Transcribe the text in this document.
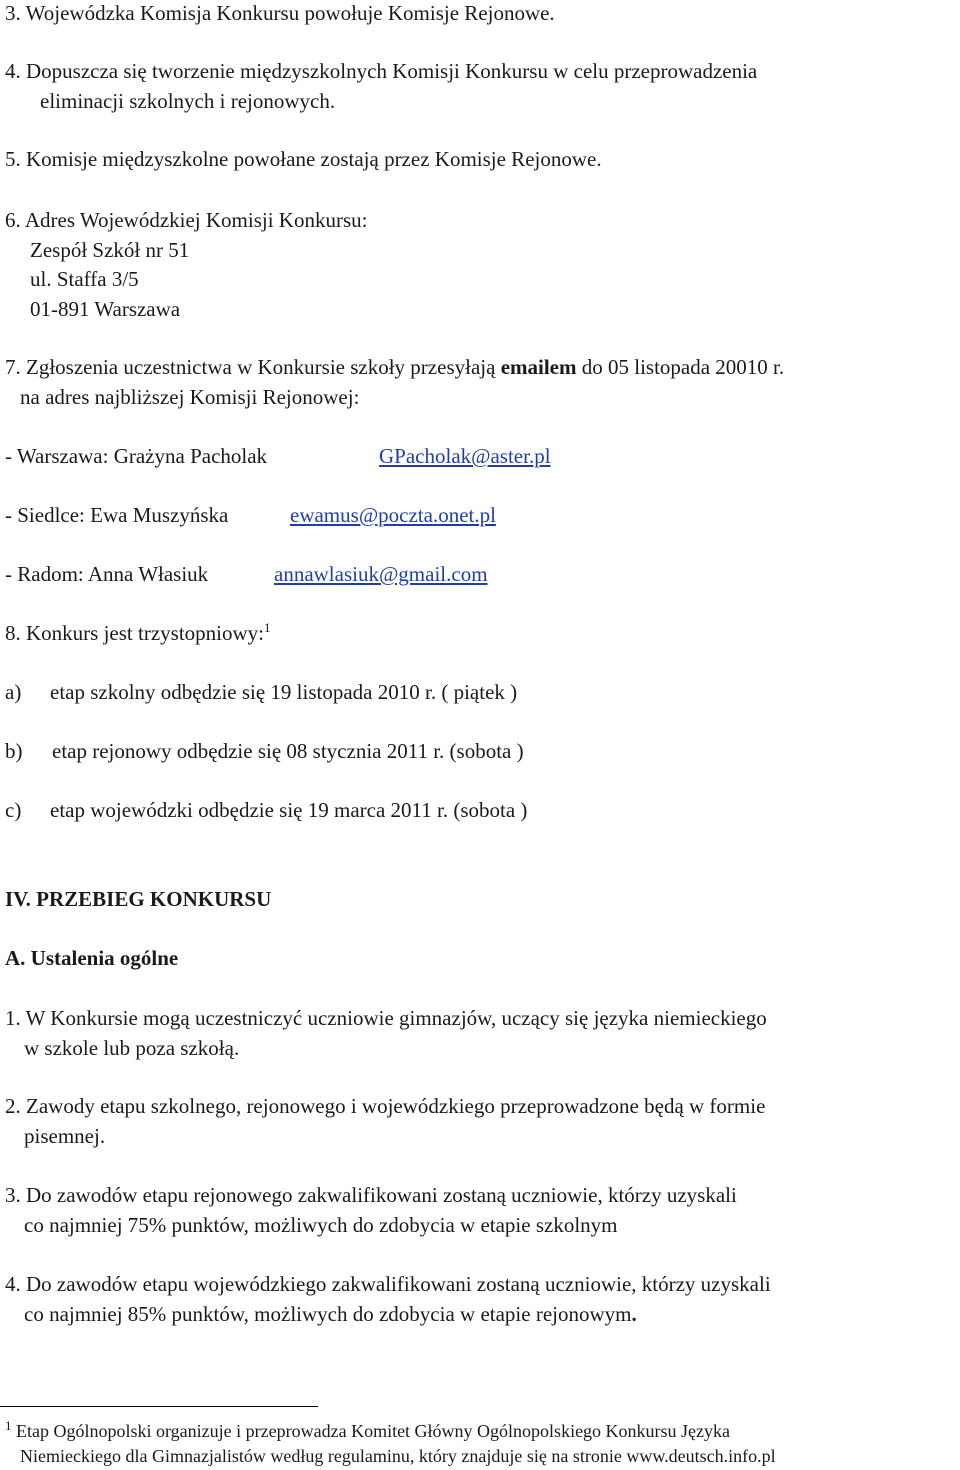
3. Wojewódzka Komisja Konkursu powołuje Komisje Rejonowe.
4. Dopuszcza się tworzenie międzyszkolnych Komisji Konkursu w celu przeprowadzenia
eliminacji szkolnych i rejonowych.
5. Komisje międzyszkolne powołane zostają przez Komisje Rejonowe.
6. Adres Wojewódzkiej Komisji Konkursu:
Zespół Szkół nr 51
ul. Staffa 3/5
01-891 Warszawa
7. Zgłoszenia uczestnictwa w Konkursie szkoły przesyłają emailem do 05 listopada 20010 r.
na adres najbliższej Komisji Rejonowej:
- Warszawa: Grażyna Pacholak	GPacholak@aster.pl
- Siedlce: Ewa Muszyńska	ewamus@poczta.onet.pl
- Radom: Anna Własiuk	annawlasiuk@gmail.com
8. Konkurs jest trzystopniowy:$^1$
a) etap szkolny odbędzie się 19 listopada 2010 r. ( piątek )
b) etap rejonowy odbędzie się 08 stycznia 2011 r. (sobota )
c) etap wojewódzki odbędzie się 19 marca 2011 r. (sobota )
IV. PRZEBIEG KONKURSU
A. Ustalenia ogólne
1. W Konkursie mogą uczestniczyć uczniowie gimnazjów, uczący się języka niemieckiego
w szkole lub poza szkołą.
2. Zawody etapu szkolnego, rejonowego i wojewódzkiego przeprowadzone będą w formie
pisemnej.
3. Do zawodów etapu rejonowego zakwalifikowani zostaną uczniowie, którzy uzyskali
co najmniej 75% punktów, możliwych do zdobycia w etapie szkolnym
4. Do zawodów etapu wojewódzkiego zakwalifikowani zostaną uczniowie, którzy uzyskali
co najmniej 85% punktów, możliwych do zdobycia w etapie rejonowym.
$^1$ Etap Ogólnopolski organizuje i przeprowadza Komitet Główny Ogólnopolskiego Konkursu Języka
Niemieckiego dla Gimnazjalistów według regulaminu, który znajduje się na stronie www.deutsch.info.pl
